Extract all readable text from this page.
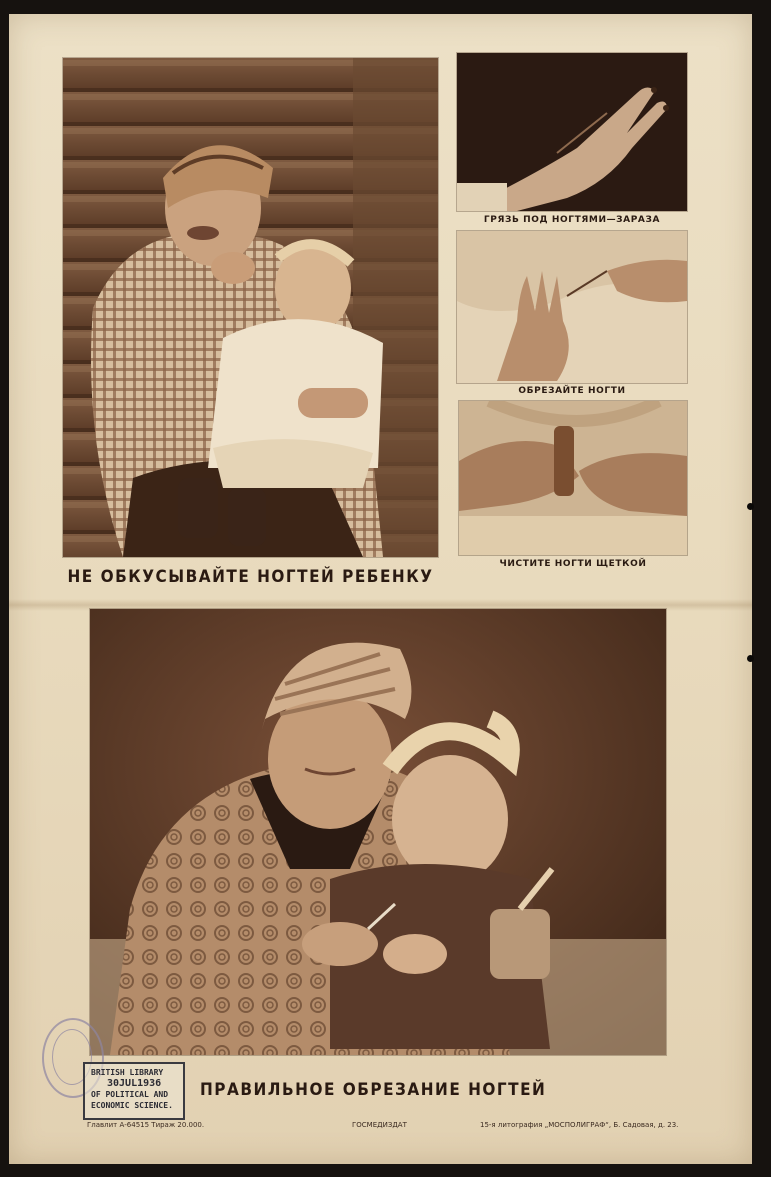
ГРЯЗЬ ПОД НОГТЯМИ—ЗАРАЗА
ОБРЕЗАЙТЕ НОГТИ
ЧИСТИТЕ НОГТИ ЩЕТКОЙ
НЕ ОБКУСЫВАЙТЕ НОГТЕЙ РЕБЕНКУ
ПРАВИЛЬНОЕ ОБРЕЗАНИЕ НОГТЕЙ
BRITISH LIBRARY
30JUL1936
OF POLITICAL AND
ECONOMIC SCIENCE.
Главлит А-64515 Тираж 20.000.	ГОСМЕДИЗДАТ	15-я литография „МОСПОЛИГРАФ“, Б. Садовая, д. 23.
